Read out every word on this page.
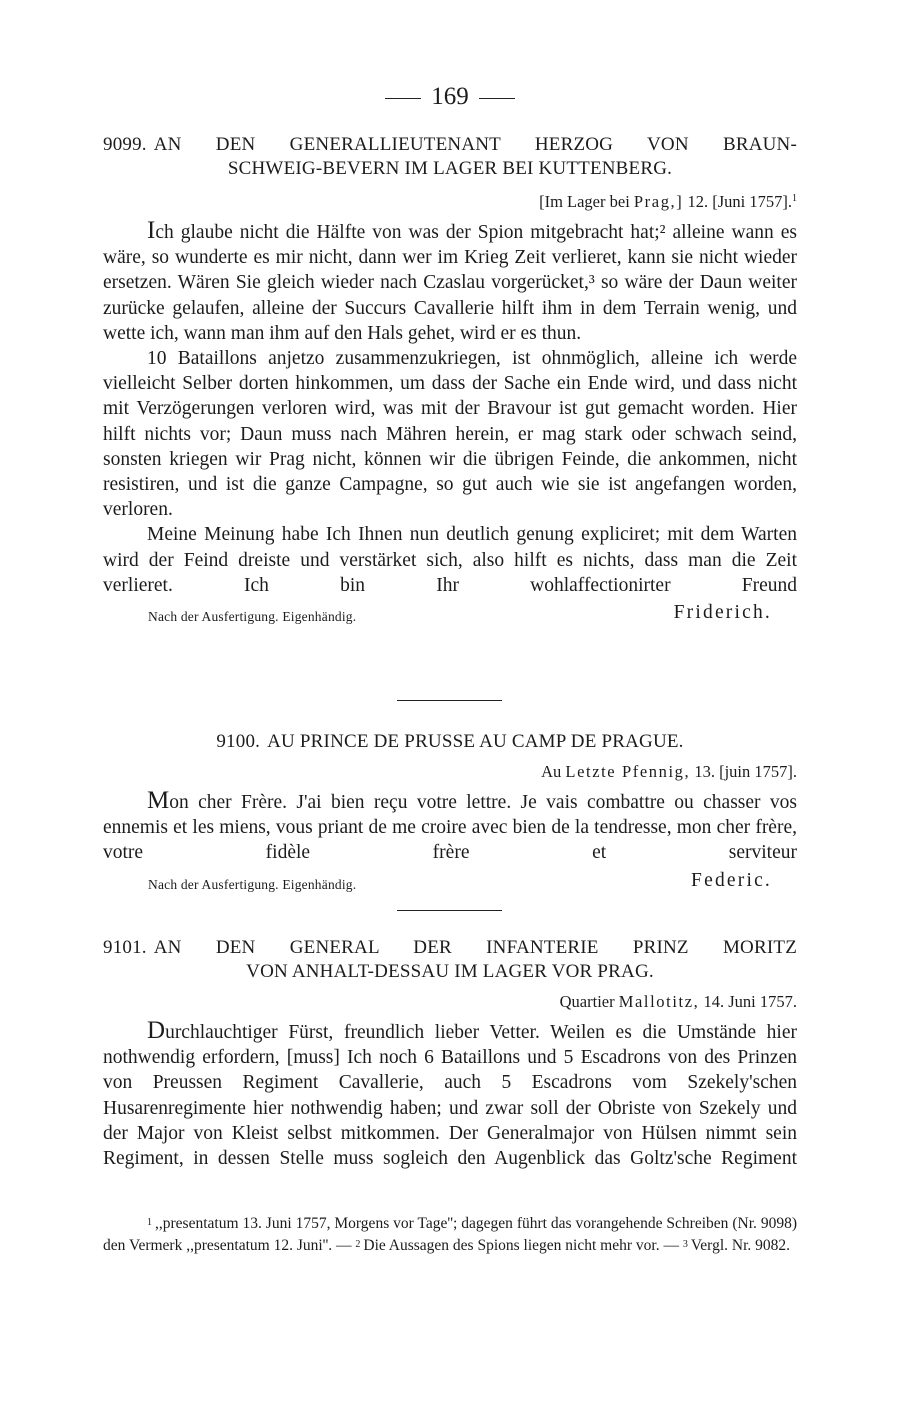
169
9099. AN DEN GENERALLIEUTENANT HERZOG VON BRAUN-
SCHWEIG-BEVERN IM LAGER BEI KUTTENBERG.
[Im Lager bei Prag,] 12. [Juni 1757].$^1$

Ich glaube nicht die Hälfte von was der Spion mitgebracht hat;² alleine wann es wäre, so wunderte es mir nicht, dann wer im Krieg Zeit verlieret, kann sie nicht wieder ersetzen. Wären Sie gleich wieder nach Czaslau vorgerücket,³ so wäre der Daun weiter zurücke gelaufen, alleine der Succurs Cavallerie hilft ihm in dem Terrain wenig, und wette ich, wann man ihm auf den Hals gehet, wird er es thun.

10 Bataillons anjetzo zusammenzukriegen, ist ohnmöglich, alleine ich werde vielleicht Selber dorten hinkommen, um dass der Sache ein Ende wird, und dass nicht mit Verzögerungen verloren wird, was mit der Bravour ist gut gemacht worden. Hier hilft nichts vor; Daun muss nach Mähren herein, er mag stark oder schwach seind, sonsten kriegen wir Prag nicht, können wir die übrigen Feinde, die ankommen, nicht resistiren, und ist die ganze Campagne, so gut auch wie sie ist angefangen worden, verloren.

Meine Meinung habe Ich Ihnen nun deutlich genung expliciret; mit dem Warten wird der Feind dreiste und verstärket sich, also hilft es nichts, dass man die Zeit verlieret. Ich bin Ihr wohlaffectionirter Freund

Nach der Ausfertigung. Eigenhändig.	Friderich.
9100. AU PRINCE DE PRUSSE AU CAMP DE PRAGUE.
Au Letzte Pfennig, 13. [juin 1757].

Mon cher Frère. J'ai bien reçu votre lettre. Je vais combattre ou chasser vos ennemis et les miens, vous priant de me croire avec bien de la tendresse, mon cher frère, votre fidèle frère et serviteur

Nach der Ausfertigung. Eigenhändig.	Federic.
9101. AN DEN GENERAL DER INFANTERIE PRINZ MORITZ
VON ANHALT-DESSAU IM LAGER VOR PRAG.
Quartier Mallotitz, 14. Juni 1757.

Durchlauchtiger Fürst, freundlich lieber Vetter. Weilen es die Umstände hier nothwendig erfordern, [muss] Ich noch 6 Bataillons und 5 Escadrons von des Prinzen von Preussen Regiment Cavallerie, auch 5 Escadrons vom Szekely'schen Husarenregimente hier nothwendig haben; und zwar soll der Obriste von Szekely und der Major von Kleist selbst mitkommen. Der Generalmajor von Hülsen nimmt sein Regiment, in dessen Stelle muss sogleich den Augenblick das Goltz'sche Regiment

1 ,,presentatum 13. Juni 1757, Morgens vor Tage''; dagegen führt das vorangehende Schreiben (Nr. 9098) den Vermerk ,,presentatum 12. Juni''. — 2 Die Aussagen des Spions liegen nicht mehr vor. — 3 Vergl. Nr. 9082.
